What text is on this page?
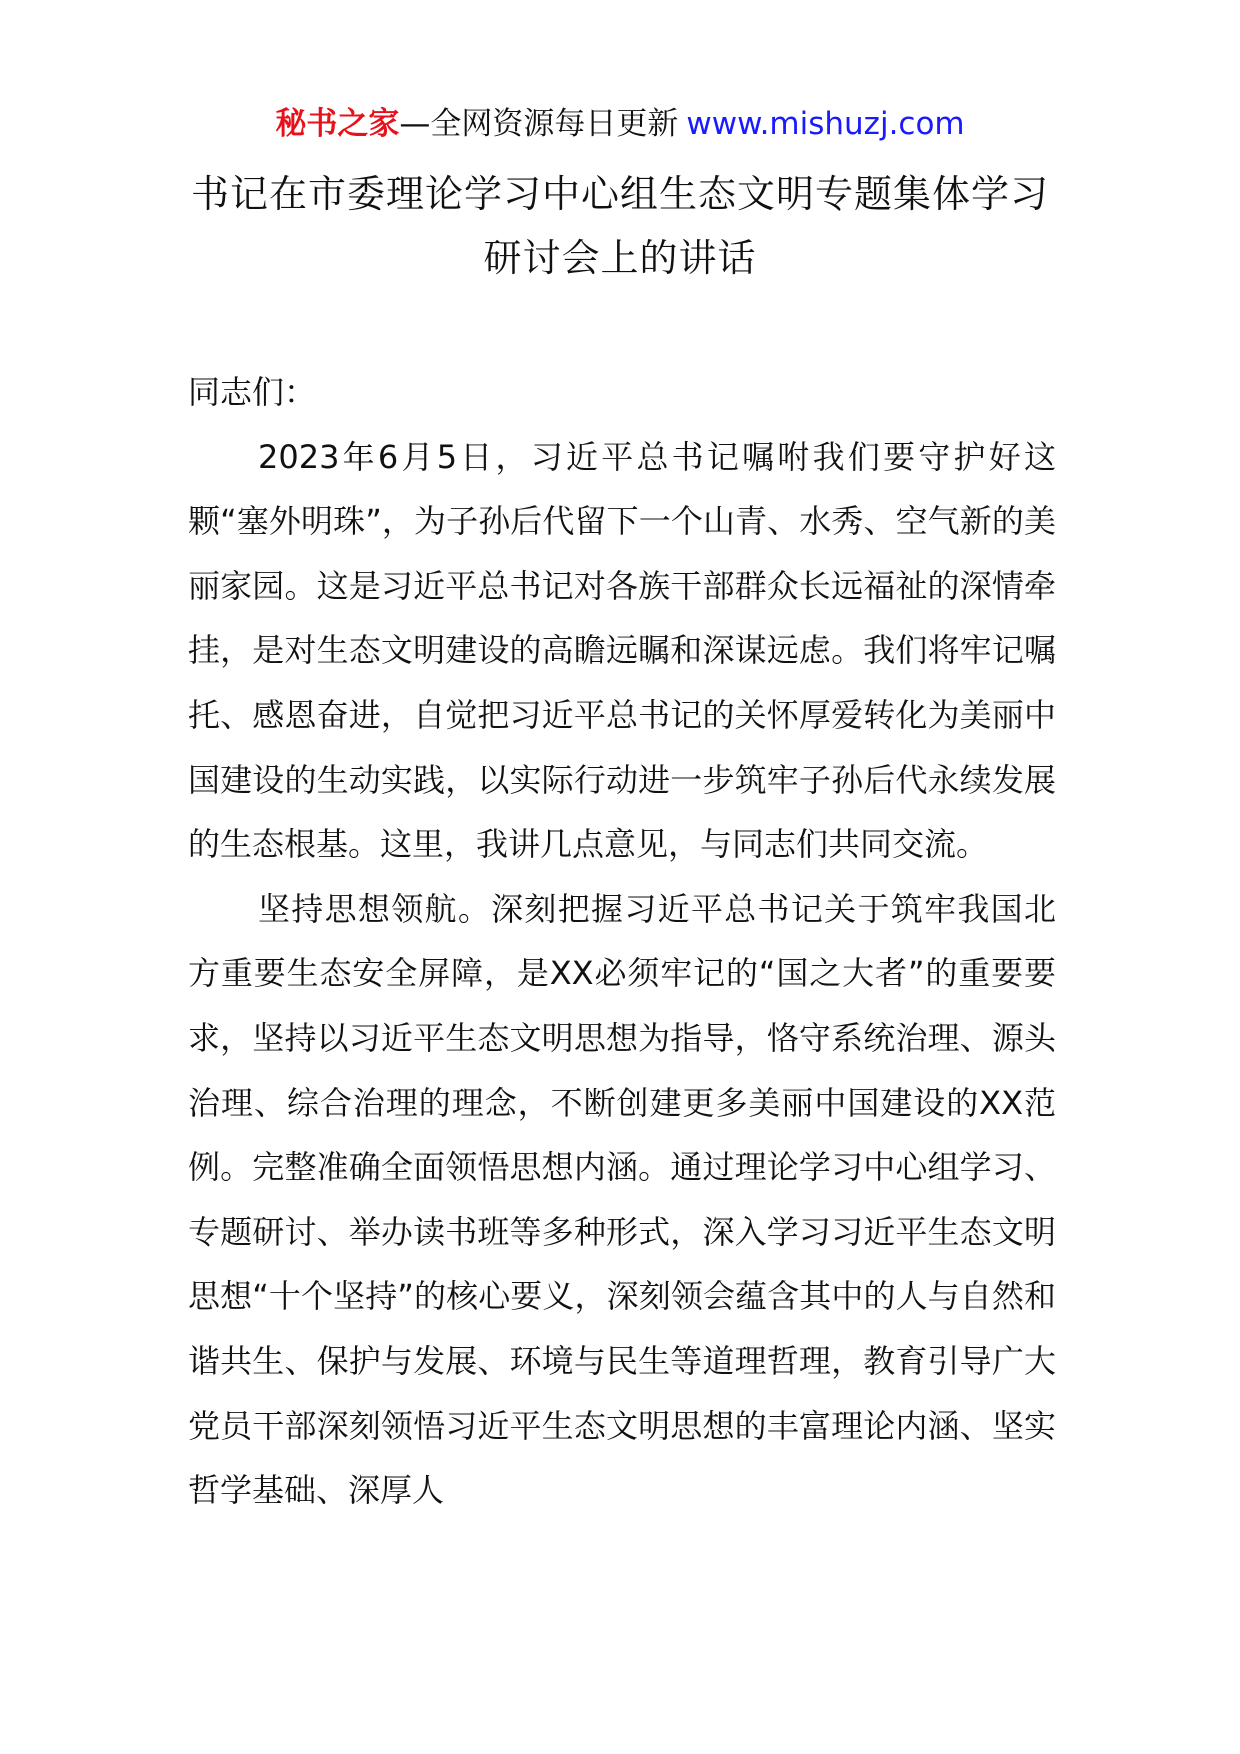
秘书之家—全网资源每日更新 www.mishuzj.com
书记在市委理论学习中心组生态文明专题集体学习研讨会上的讲话

同志们：

2023年6月5日，习近平总书记嘱咐我们要守护好这颗“塞外明珠”，为子孙后代留下一个山青、水秀、空气新的美丽家园。这是习近平总书记对各族干部群众长远福祉的深情牵挂，是对生态文明建设的高瞻远瞩和深谋远虑。我们将牢记嘱托、感恩奋进，自觉把习近平总书记的关怀厚爱转化为美丽中国建设的生动实践，以实际行动进一步筑牢子孙后代永续发展的生态根基。这里，我讲几点意见，与同志们共同交流。

坚持思想领航。深刻把握习近平总书记关于筑牢我国北方重要生态安全屏障，是XX必须牢记的“国之大者”的重要要求，坚持以习近平生态文明思想为指导，恪守系统治理、源头治理、综合治理的理念，不断创建更多美丽中国建设的XX范例。完整准确全面领悟思想内涵。通过理论学习中心组学习、专题研讨、举办读书班等多种形式，深入学习习近平生态文明思想“十个坚持”的核心要义，深刻领会蕴含其中的人与自然和谐共生、保护与发展、环境与民生等道理哲理，教育引导广大党员干部深刻领悟习近平生态文明思想的丰富理论内涵、坚实哲学基础、深厚人
